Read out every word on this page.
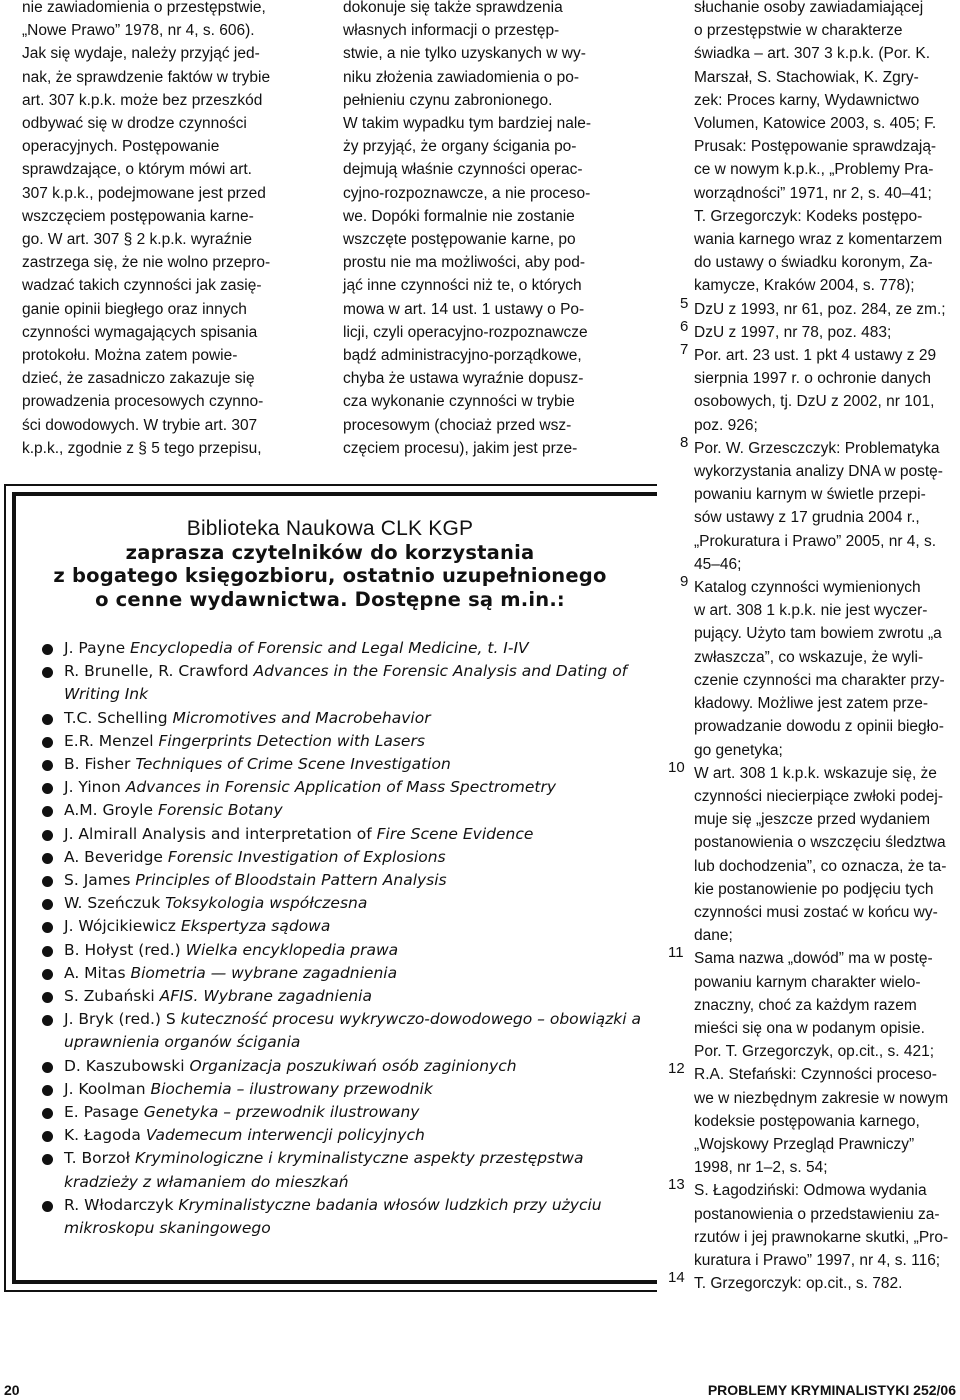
nie zawiadomienia o przestępstwie,

„Nowe Prawo” 1978, nr 4, s. 606).

Jak się wydaje, należy przyjąć jed-

nak, że sprawdzenie faktów w trybie

art. 307 k.p.k. może bez przeszkód

odbywać się w drodze czynności

operacyjnych. Postępowanie

sprawdzające, o którym mówi art.

307 k.p.k., podejmowane jest przed

wszczęciem postępowania karne-

go. W art. 307 § 2 k.p.k. wyraźnie

zastrzega się, że nie wolno przepro-

wadzać takich czynności jak zasię-

ganie opinii biegłego oraz innych

czynności wymagających spisania

protokołu. Można zatem powie-

dzieć, że zasadniczo zakazuje się

prowadzenia procesowych czynno-

ści dowodowych. W trybie art. 307

k.p.k., zgodnie z § 5 tego przepisu,

dokonuje się także sprawdzenia

własnych informacji o przestęp-

stwie, a nie tylko uzyskanych w wy-

niku złożenia zawiadomienia o po-

pełnieniu czynu zabronionego.

W takim wypadku tym bardziej nale-

ży przyjąć, że organy ścigania po-

dejmują właśnie czynności operac-

cyjno-rozpoznawcze, a nie proceso-

we. Dopóki formalnie nie zostanie

wszczęte postępowanie karne, po

prostu nie ma możliwości, aby pod-

jąć inne czynności niż te, o których

mowa w art. 14 ust. 1 ustawy o Po-

licji, czyli operacyjno-rozpoznawcze

bądź administracyjno-porządkowe,

chyba że ustawa wyraźnie dopusz-

cza wykonanie czynności w trybie

procesowym (chociaż przed wsz-

częciem procesu), jakim jest prze-

słuchanie osoby zawiadamiającej

o przestępstwie w charakterze

świadka – art. 307 3 k.p.k. (Por. K.

Marszał, S. Stachowiak, K. Zgry-

zek: Proces karny, Wydawnictwo

Volumen, Katowice 2003, s. 405; F.

Prusak: Postępowanie sprawdzają-

ce w nowym k.p.k., „Problemy Pra-

worządności” 1971, nr 2, s. 40–41;

T. Grzegorczyk: Kodeks postępo-

wania karnego wraz z komentarzem

do ustawy o świadku koronym, Za-

kamycze, Kraków 2004, s. 778);

5 DzU z 1993, nr 61, poz. 284, ze zm.;

6 DzU z 1997, nr 78, poz. 483;

7 Por. art. 23 ust. 1 pkt 4 ustawy z 29

sierpnia 1997 r. o ochronie danych

osobowych, tj. DzU z 2002, nr 101,

poz. 926;

8 Por. W. Grzesczczyk: Problematyka

wykorzystania analizy DNA w postę-

powaniu karnym w świetle przepi-

sów ustawy z 17 grudnia 2004 r.,

„Prokuratura i Prawo” 2005, nr 4, s.

45–46;

9 Katalog czynności wymienionych

w art. 308 1 k.p.k. nie jest wyczer-

pujący. Użyto tam bowiem zwrotu „a

zwłaszcza”, co wskazuje, że wyli-

czenie czynności ma charakter przy-

kładowy. Możliwe jest zatem prze-

prowadzanie dowodu z opinii biegło-

go genetyka;

10 W art. 308 1 k.p.k. wskazuje się, że

czynności niecierpiące zwłoki podej-

muje się „jeszcze przed wydaniem

postanowienia o wszczęciu śledztwa

lub dochodzenia”, co oznacza, że ta-

kie postanowienie po podjęciu tych

czynności musi zostać w końcu wy-

dane;

11 Sama nazwa „dowód” ma w postę-

powaniu karnym charakter wielo-

znaczny, choć za każdym razem

mieści się ona w podanym opisie.

Por. T. Grzegorczyk, op.cit., s. 421;

12 R.A. Stefański: Czynności proceso-

we w niezbędnym zakresie w nowym

kodeksie postępowania karnego,

„Wojskowy Przegląd Prawniczy”

1998, nr 1–2, s. 54;

13 S. Łagodziński: Odmowa wydania

postanowienia o przedstawieniu za-

rzutów i jej prawnokarne skutki, „Pro-

kuratura i Prawo” 1997, nr 4, s. 116;

14 T. Grzegorczyk: op.cit., s. 782.

Biblioteka Naukowa CLK KGP
zaprasza czytelników do korzystania
z bogatego księgozbioru, ostatnio uzupełnionego
o cenne wydawnictwa. Dostępne są m.in.:
J. Payne Encyclopedia of Forensic and Legal Medicine, t. I-IV
R. Brunelle, R. Crawford Advances in the Forensic Analysis and Dating of Writing Ink
T.C. Schelling Micromotives and Macrobehavior
E.R. Menzel Fingerprints Detection with Lasers
B. Fisher Techniques of Crime Scene Investigation
J. Yinon Advances in Forensic Application of Mass Spectrometry
A.M. Groyle Forensic Botany
J. Almirall Analysis and interpretation of Fire Scene Evidence
A. Beveridge Forensic Investigation of Explosions
S. James Principles of Bloodstain Pattern Analysis
W. Szeńczuk Toksykologia współczesna
J. Wójcikiewicz Ekspertyza sądowa
B. Hołyst (red.) Wielka encyklopedia prawa
A. Mitas Biometria — wybrane zagadnienia
S. Zubański AFIS. Wybrane zagadnienia
J. Bryk (red.) S kuteczność procesu wykrywczo-dowodowego – obowiązki a uprawnienia organów ścigania
D. Kaszubowski Organizacja poszukiwań osób zaginionych
J. Koolman Biochemia – ilustrowany przewodnik
E. Pasage Genetyka – przewodnik ilustrowany
K. Łagoda Vademecum interwencji policyjnych
T. Borzoł Kryminologiczne i kryminalistyczne aspekty przestępstwa kradzieży z włamaniem do mieszkań
R. Włodarczyk Kryminalistyczne badania włosów ludzkich przy użyciu mikroskopu skaningowego
20	PROBLEMY KRYMINALISTYKI 252/06
